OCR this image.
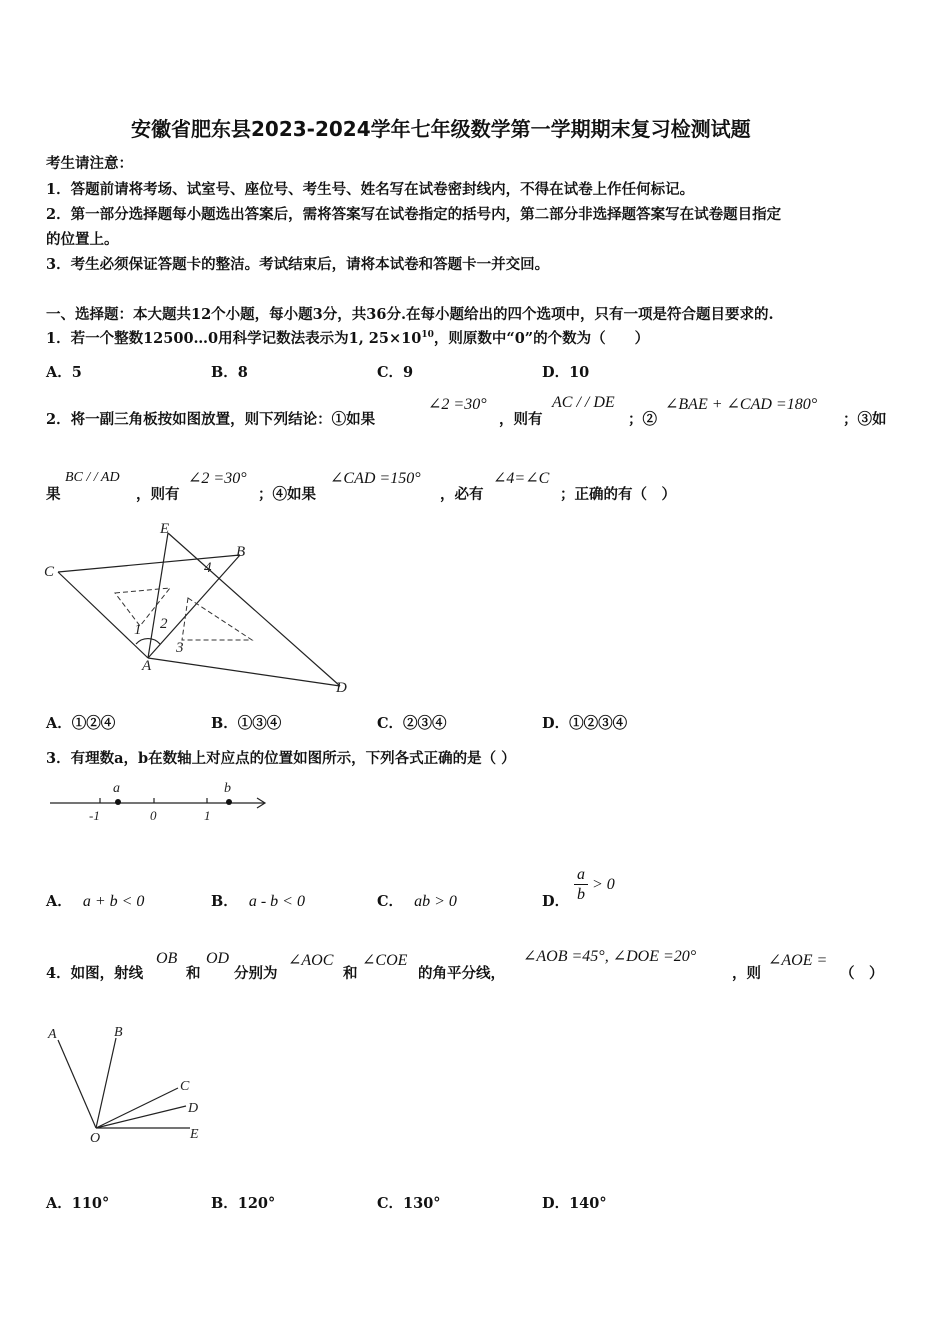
安徽省肥东县2023-2024学年七年级数学第一学期期末复习检测试题
考生请注意：
1．答题前请将考场、试室号、座位号、考生号、姓名写在试卷密封线内，不得在试卷上作任何标记。
2．第一部分选择题每小题选出答案后，需将答案写在试卷指定的括号内，第二部分非选择题答案写在试卷题目指定
的位置上。
3．考生必须保证答题卡的整洁。考试结束后，请将本试卷和答题卡一并交回。
一、选择题：本大题共12个小题，每小题3分，共36分.在每小题给出的四个选项中，只有一项是符合题目要求的.
1．若一个整数12500…0用科学记数法表示为1, $25\times 10^{10}$，则原数中“0”的个数为（　　）
A．5	B．8	C．9	D．10
2．将一副三角板按如图放置，则下列结论：①如果
∠2 =30°
，则有
AC / / DE
；②
∠BAE + ∠CAD =180°
；③如
果
BC / / AD
，则有
∠2 =30°
；④如果
∠CAD =150°
，必有
∠4=∠C
；正确的有（　）
E
B
C	4
1 2
3
A
D
A．①②④	B．①③④	C．②③④	D．①②③④
3．有理数a，b在数轴上对应点的位置如图所示，下列各式正确的是（ ）
a	b
-1	0	1
A． a + b < 0	B． a - b < 0	C． ab > 0	D．
a
b
> 0
4．如图，射线
OB
和
OD
分别为
∠AOC
和
∠COE
的角平分线，
∠AOB =45°, ∠DOE =20°
，则
∠AOE =
（　）
A	B
C
D
E
O
A．110°	B．120°	C．130°	D．140°
